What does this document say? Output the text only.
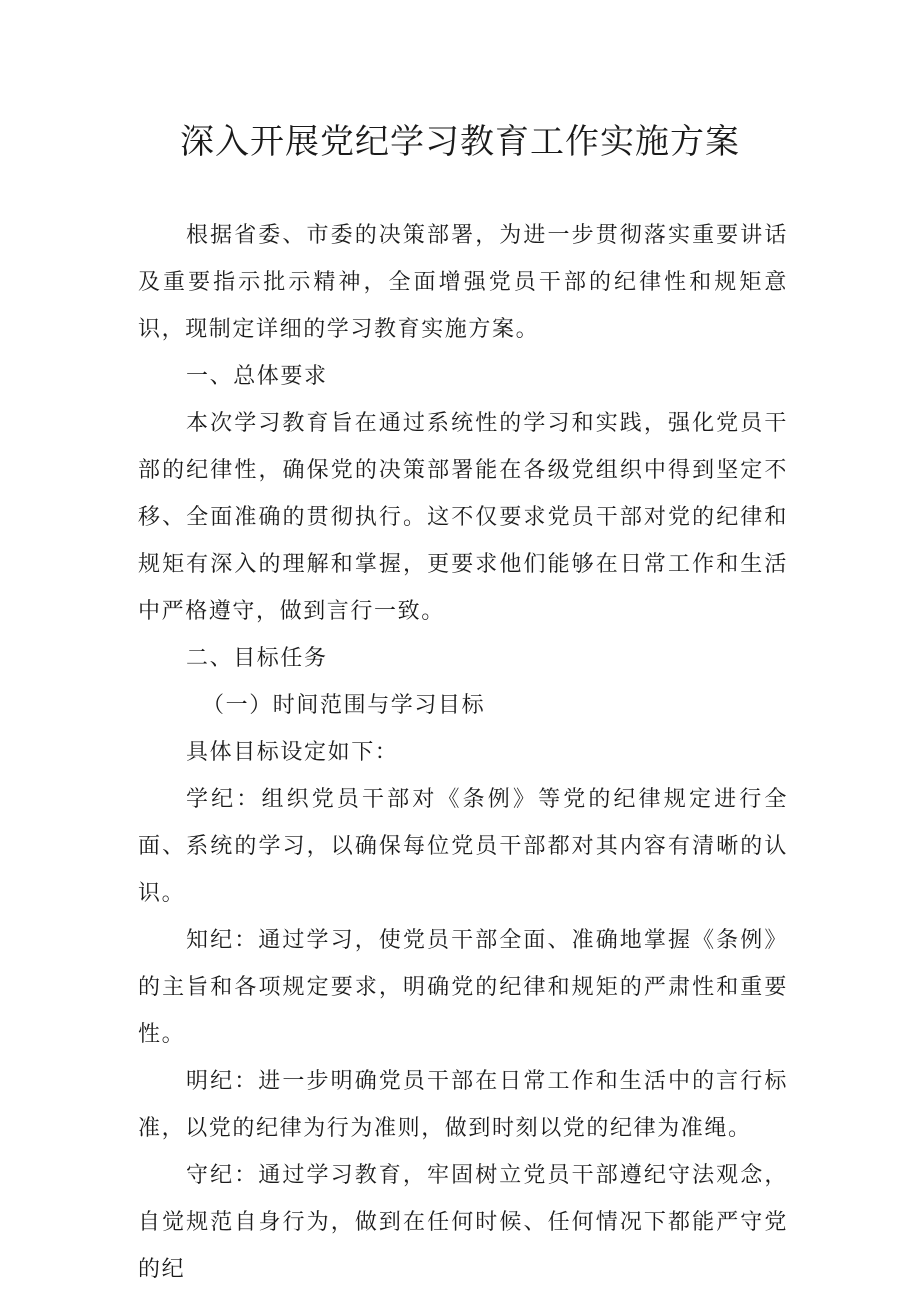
深入开展党纪学习教育工作实施方案

根据省委、市委的决策部署，为进一步贯彻落实重要讲话及重要指示批示精神，全面增强党员干部的纪律性和规矩意识，现制定详细的学习教育实施方案。

一、总体要求

本次学习教育旨在通过系统性的学习和实践，强化党员干部的纪律性，确保党的决策部署能在各级党组织中得到坚定不移、全面准确的贯彻执行。这不仅要求党员干部对党的纪律和规矩有深入的理解和掌握，更要求他们能够在日常工作和生活中严格遵守，做到言行一致。

二、目标任务

（一）时间范围与学习目标

具体目标设定如下：

学纪：组织党员干部对《条例》等党的纪律规定进行全面、系统的学习，以确保每位党员干部都对其内容有清晰的认识。

知纪：通过学习，使党员干部全面、准确地掌握《条例》的主旨和各项规定要求，明确党的纪律和规矩的严肃性和重要性。

明纪：进一步明确党员干部在日常工作和生活中的言行标准，以党的纪律为行为准则，做到时刻以党的纪律为准绳。

守纪：通过学习教育，牢固树立党员干部遵纪守法观念，自觉规范自身行为，做到在任何时候、任何情况下都能严守党的纪
